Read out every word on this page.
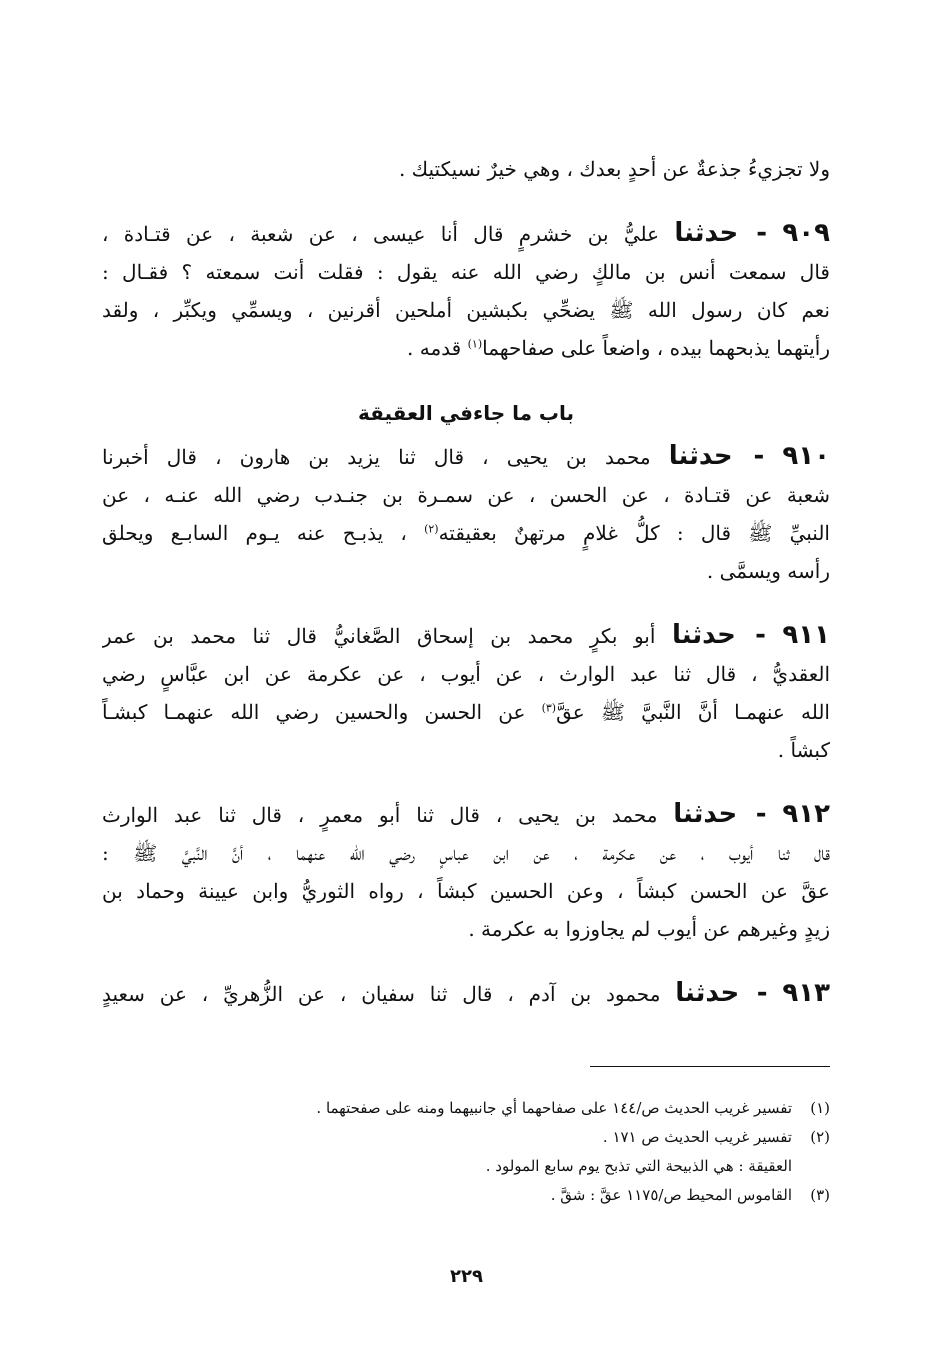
ولا تجزيءُ جذعةٌ عن أحدٍ بعدك ، وهي خيرٌ نسيكتيك .
٩٠٩ - حدثنا عليُّ بن خشرمٍ قال أنا عيسى ، عن شعبة ، عن قتـادة ،
قال سمعت أنس بن مالكٍ رضي الله عنه يقول : فقلت أنت سمعته ؟ فقـال :
نعم كان رسول الله ﷺ يضحِّي بكبشين أملحين أقرنين ، ويسمِّي ويكبِّر ، ولقد
رأيتهما يذبحهما بيده ، واضعاً على صفاحهما$^{(١)}$ قدمه .
باب ما جاءفي العقيقة
٩١٠ - حدثنا محمد بن يحيى ، قال ثنا يزيد بن هارون ، قال أخبرنا
شعبة عن قتـادة ، عن الحسن ، عن سمـرة بن جنـدب رضي الله عنـه ، عن
النبيِّ ﷺ قال : كلُّ غلامٍ مرتهنٌ بعقيقته$^{(٢)}$ ، يذبـح عنه يـوم السابـع ويحلق
رأسه ويسمَّى .
٩١١ - حدثنا أبو بكرٍ محمد بن إسحاق الصَّغانيُّ قال ثنا محمد بن عمر
العقديُّ ، قال ثنا عبد الوارث ، عن أيوب ، عن عكرمة عن ابن عبَّاسٍ رضي
الله عنهمـا أنَّ النَّبيَّ ﷺ عقَّ$^{(٣)}$ عن الحسن والحسين رضي الله عنهمـا كبشـاً
كبشاً .
٩١٢ - حدثنا محمد بن يحيى ، قال ثنا أبو معمرٍ ، قال ثنا عبد الوارث
قال ثنا أيوب ، عن عكرمة ، عن ابن عباسٍ رضي الله عنهما ، أنَّ النَّبيَّ ﷺ :
عقَّ عن الحسن كبشاً ، وعن الحسين كبشاً ، رواه الثوريُّ وابن عيينة وحماد بن
زيدٍ وغيرهم عن أيوب لم يجاوزوا به عكرمة .
٩١٣ - حدثنا محمود بن آدم ، قال ثنا سفيان ، عن الزُّهريِّ ، عن سعيدٍ
(١)تفسير غريب الحديث ص/١٤٤ على صفاحهما أي جانبيهما ومنه على صفحتهما .
(٢)تفسير غريب الحديث ص ١٧١ .
العقيقة : هي الذبيحة التي تذبح يوم سابع المولود .
(٣)القاموس المحيط ص/١١٧٥ عقَّ : شقَّ .
٢٢٩
